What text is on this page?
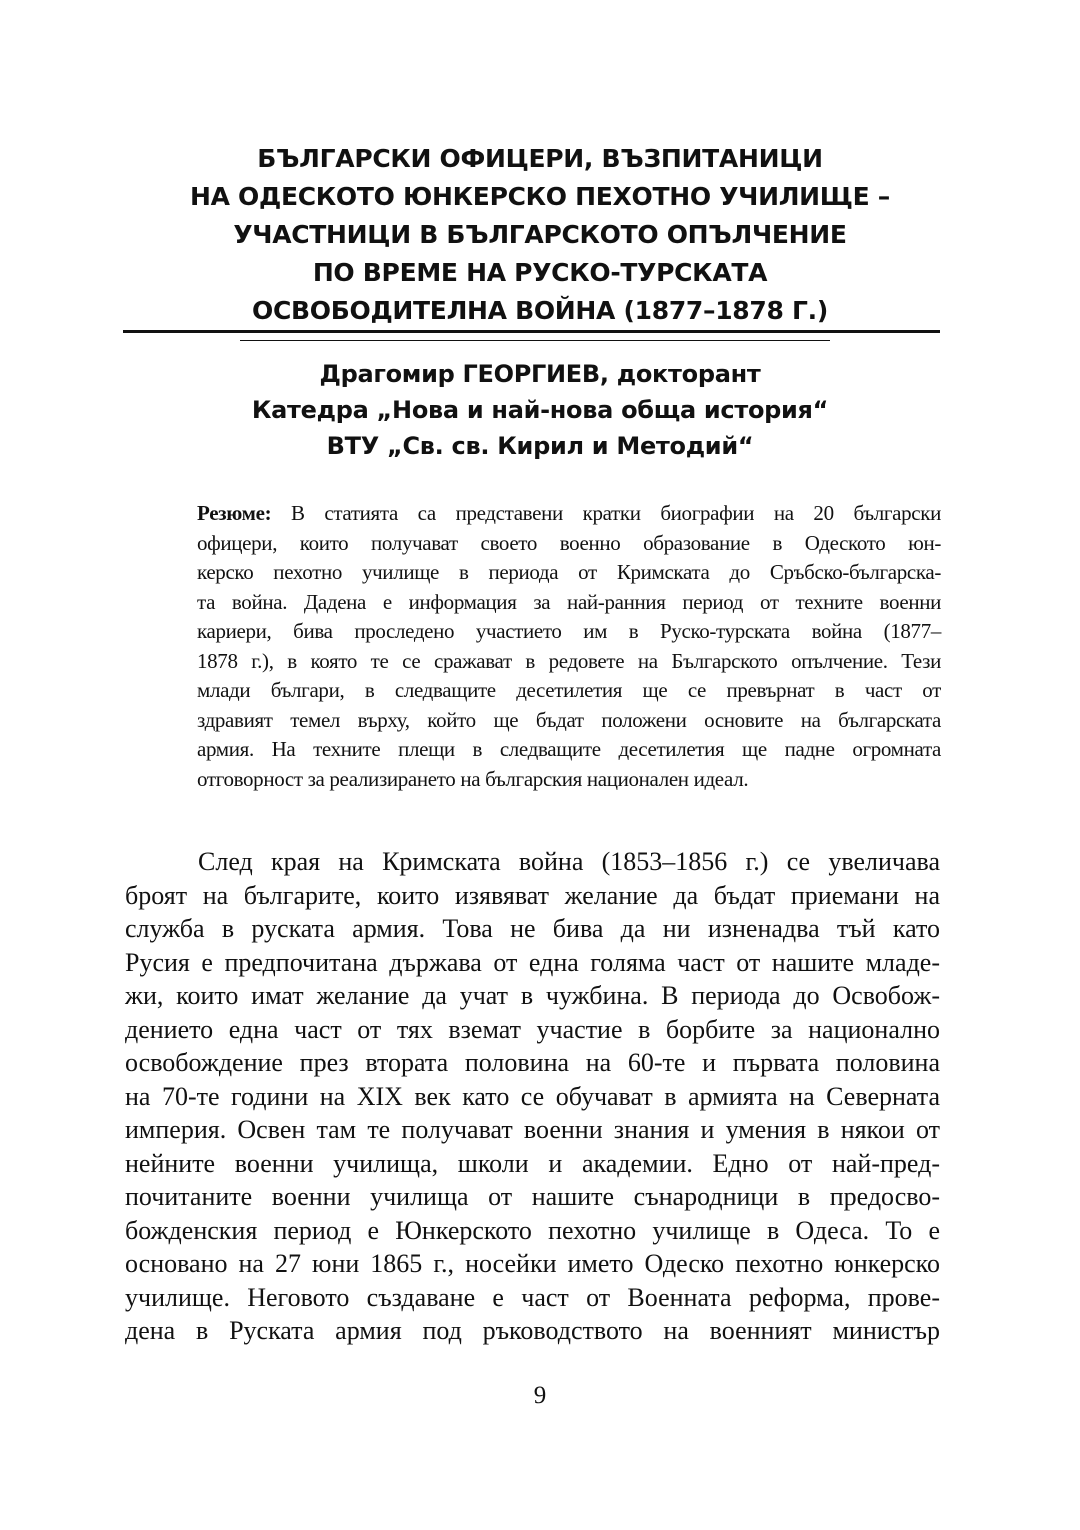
БЪЛГАРСКИ ОФИЦЕРИ, ВЪЗПИТАНИЦИ
НА ОДЕСКОТО ЮНКЕРСКО ПЕХОТНО УЧИЛИЩЕ –
УЧАСТНИЦИ В БЪЛГАРСКОТО ОПЪЛЧЕНИЕ
ПО ВРЕМЕ НА РУСКО-ТУРСКАТА
ОСВОБОДИТЕЛНА ВОЙНА (1877–1878 Г.)
Драгомир ГЕОРГИЕВ, докторант
Катедра „Нова и най-нова обща история“
ВТУ „Св. св. Кирил и Методий“
Резюме: В статията са представени кратки биографии на 20 български
офицери, които получават своето военно образование в Одеското юн-
керско пехотно училище в периода от Кримската до Сръбско-българска-
та война. Дадена е информация за най-ранния период от техните военни
кариери, бива проследено участието им в Руско-турската война (1877–
1878 г.), в която те се сражават в редовете на Българското опълчение. Тези
млади българи, в следващите десетилетия ще се превърнат в част от
здравият темел върху, който ще бъдат положени основите на българската
армия. На техните плещи в следващите десетилетия ще падне огромната
отговорност за реализирането на българския национален идеал.
След края на Кримската война (1853–1856 г.) се увеличава
броят на българите, които изявяват желание да бъдат приемани на
служба в руската армия. Това не бива да ни изненадва тъй като
Русия е предпочитана държава от една голяма част от нашите младе-
жи, които имат желание да учат в чужбина. В периода до Освобож-
дението една част от тях вземат участие в борбите за национално
освобождение през втората половина на 60-те и първата половина
на 70-те години на XIX век като се обучават в армията на Северната
империя. Освен там те получават военни знания и умения в някои от
нейните военни училища, школи и академии. Едно от най-пред-
почитаните военни училища от нашите сънародници в предосво-
божденския период е Юнкерското пехотно училище в Одеса. То е
основано на 27 юни 1865 г., носейки името Одеско пехотно юнкерско
училище. Неговото създаване е част от Военната реформа, прове-
дена в Руската армия под ръководството на военният министър
9
